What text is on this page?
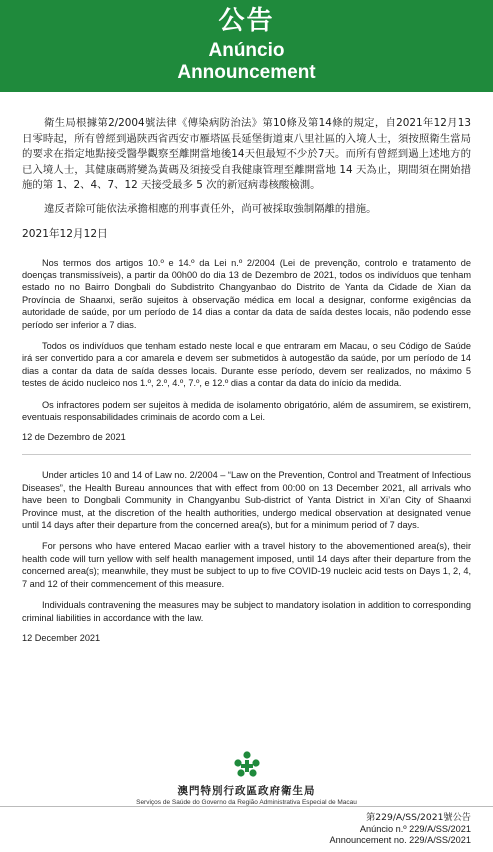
公告
Anúncio
Announcement

衛生局根據第2/2004號法律《傳染病防治法》第10條及第14條的規定，自2021年12月13日零時起，所有曾經到過陝西省西安市雁塔區長延堡街道東八里社區的入境人士，須按照衛生當局的要求在指定地點接受醫學觀察至離開當地後14天但最短不少於7天。而所有曾經到過上述地方的已入境人士，其健康碼將變為黃碼及須接受自我健康管理至離開當地 14 天為止，期間須在開始措施的第 1、2、4、7、12 天接受最多 5 次的新冠病毒核酸檢測。

違反者除可能依法承擔相應的刑事責任外，尚可被採取強制隔離的措施。

2021年12月12日

Nos termos dos artigos 10.º e 14.º da Lei n.º 2/2004 (Lei de prevenção, controlo e tratamento de doenças transmissíveis), a partir da 00h00 do dia 13 de Dezembro de 2021, todos os indivíduos que tenham estado no no Bairro Dongbali do Subdistrito Changyanbao do Distrito de Yanta da Cidade de Xian da Província de Shaanxi, serão sujeitos à observação médica em local a designar, conforme exigências da autoridade de saúde, por um período de 14 dias a contar da data de saída destes locais, não podendo esse período ser inferior a 7 dias.

Todos os indivíduos que tenham estado neste local e que entraram em Macau, o seu Código de Saúde irá ser convertido para a cor amarela e devem ser submetidos à autogestão da saúde, por um período de 14 dias a contar da data de saída desses locais. Durante esse período, devem ser realizados, no máximo 5 testes de ácido nucleico nos 1.º, 2.º, 4.º, 7.º, e 12.º dias a contar da data do início da medida.

Os infractores podem ser sujeitos à medida de isolamento obrigatório, além de assumirem, se existirem, eventuais responsabilidades criminais de acordo com a Lei.

12 de Dezembro de 2021

Under articles 10 and 14 of Law no. 2/2004 – “Law on the Prevention, Control and Treatment of Infectious Diseases”, the Health Bureau announces that with effect from 00:00 on 13 December 2021, all arrivals who have been to Dongbali Community in Changyanbu Sub-district of Yanta District in Xi’an City of Shaanxi Province must, at the discretion of the health authorities, undergo medical observation at designated venue until 14 days after their departure from the concerned area(s), but for a minimum period of 7 days.

For persons who have entered Macao earlier with a travel history to the abovementioned area(s), their health code will turn yellow with self health management imposed, until 14 days after their departure from the concerned area(s); meanwhile, they must be subject to up to five COVID-19 nucleic acid tests on Days 1, 2, 4, 7 and 12 of their commencement of this measure.

Individuals contravening the measures may be subject to mandatory isolation in addition to corresponding criminal liabilities in accordance with the law.

12 December 2021
澳門特別行政區政府衛生局
Serviços de Saúde do Governo da Região Administrativa Especial de Macau
第229/A/SS/2021號公告
Anúncio n.º 229/A/SS/2021
Announcement no. 229/A/SS/2021
